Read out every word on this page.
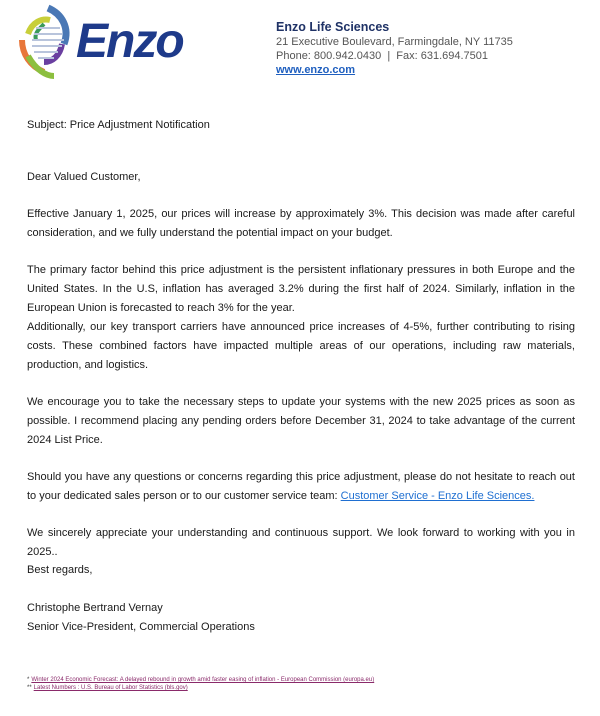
Enzo	Enzo Life Sciences
21 Executive Boulevard, Farmingdale, NY 11735
Phone: 800.942.0430  |  Fax: 631.694.7501
www.enzo.com
Subject: Price Adjustment Notification
Dear Valued Customer,
Effective January 1, 2025, our prices will increase by approximately 3%. This decision was made after careful consideration, and we fully understand the potential impact on your budget.
The primary factor behind this price adjustment is the persistent inflationary pressures in both Europe and the United States. In the U.S, inflation has averaged 3.2% during the first half of 2024. Similarly, inflation in the European Union is forecasted to reach 3% for the year.
Additionally, our key transport carriers have announced price increases of 4-5%, further contributing to rising costs. These combined factors have impacted multiple areas of our operations, including raw materials, production, and logistics.
We encourage you to take the necessary steps to update your systems with the new 2025 prices as soon as possible. I recommend placing any pending orders before December 31, 2024 to take advantage of the current 2024 List Price.
Should you have any questions or concerns regarding this price adjustment, please do not hesitate to reach out to your dedicated sales person or to our customer service team: Customer Service - Enzo Life Sciences.
We sincerely appreciate your understanding and continuous support. We look forward to working with you in 2025..
Best regards,
Christophe Bertrand Vernay
Senior Vice-President, Commercial Operations
* Winter 2024 Economic Forecast: A delayed rebound in growth amid faster easing of inflation - European Commission (europa.eu)
** Latest Numbers : U.S. Bureau of Labor Statistics (bls.gov)
